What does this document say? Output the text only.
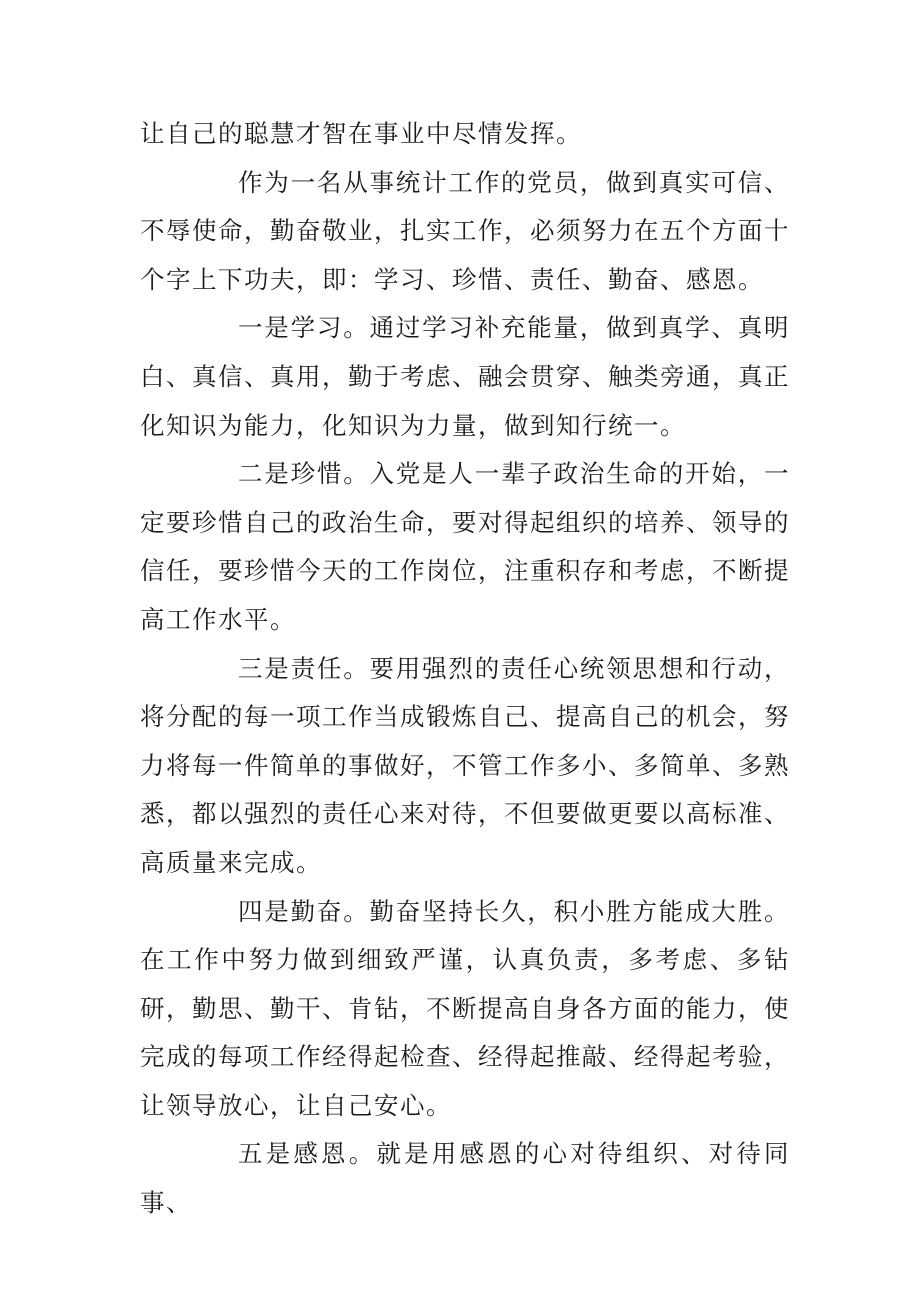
让自己的聪慧才智在事业中尽情发挥。

作为一名从事统计工作的党员，做到真实可信、不辱使命，勤奋敬业，扎实工作，必须努力在五个方面十个字上下功夫，即：学习、珍惜、责任、勤奋、感恩。

一是学习。通过学习补充能量，做到真学、真明白、真信、真用，勤于考虑、融会贯穿、触类旁通，真正化知识为能力，化知识为力量，做到知行统一。

二是珍惜。入党是人一辈子政治生命的开始，一定要珍惜自己的政治生命，要对得起组织的培养、领导的信任，要珍惜今天的工作岗位，注重积存和考虑，不断提高工作水平。

三是责任。要用强烈的责任心统领思想和行动，将分配的每一项工作当成锻炼自己、提高自己的机会，努力将每一件简单的事做好，不管工作多小、多简单、多熟悉，都以强烈的责任心来对待，不但要做更要以高标准、高质量来完成。

四是勤奋。勤奋坚持长久，积小胜方能成大胜。在工作中努力做到细致严谨，认真负责，多考虑、多钻研，勤思、勤干、肯钻，不断提高自身各方面的能力，使完成的每项工作经得起检查、经得起推敲、经得起考验，让领导放心，让自己安心。

五是感恩。就是用感恩的心对待组织、对待同事、
